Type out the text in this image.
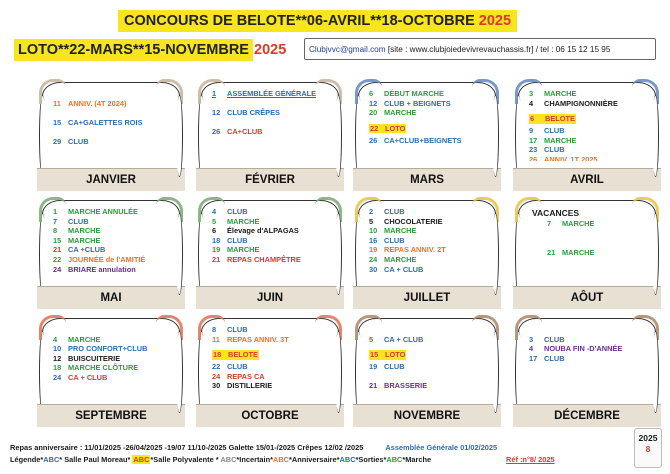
CONCOURS DE BELOTE**06-AVRIL**18-OCTOBRE 2025
LOTO**22-MARS**15-NOVEMBRE 2025	Clubjvvc@gmail.com [site : www.clubjoiedevivrevauchassis.fr] / tel : 06 15 12 15 95

11 ANNIV. (4T 2024)

15 CA+GALETTES ROIS

29 CLUB
JANVIER
1 ASSEMBLÉE GÉNÉRALE

12 CLUB CRÊPES

26 CA+CLUB
FÉVRIER
6 DÉBUT MARCHE
12 CLUB + BEIGNETS
20 MARCHE
22 LOTO
26 CA+CLUB+BEIGNETS
MARS
3 MARCHE
4 CHAMPIGNONNIÈRE
6 BELOTE
9 CLUB
17 MARCHE
23 CLUB
26 ANNIV. 1T 2025
AVRIL
1 MARCHE ANNULÉE
7 CLUB
8 MARCHE
15 MARCHE
21 CA +CLUB
22 JOURNÉE de l'AMITIÉ
24 BRIARE annulation
MAI
4 CLUB
5 MARCHE
6 Élevage d'ALPAGAS
18 CLUB
19 MARCHE
21 REPAS CHAMPÊTRE
JUIN
2 CLUB
5 CHOCOLATERIE
10 MARCHE
16 CLUB
19 REPAS ANNIV. 2T
24 MARCHE
30 CA + CLUB
JUILLET
VACANCES
7 MARCHE

21 MARCHE
AÔUT

4 MARCHE
10 PRO CONFORT+CLUB
12 BUISCUITERIE
18 MARCHE CLÔTURE
24 CA + CLUB
SEPTEMBRE
8 CLUB
11 REPAS ANNIV. 3T
18 BELOTE
22 CLUB
24 REPAS CA
30 DISTILLERIE
OCTOBRE

5 CA + CLUB
15 LOTO
19 CLUB

21 BRASSERIE
NOVEMBRE

3 CLUB
4 NOUBA FIN -D'ANNÉE
17 CLUB
DÉCEMBRE
Repas anniversaire : 11/01/2025 -26/04/2025 -19/07 11/10-/2025 Galette 15/01-/2025 Crêpes 12/02 /2025	Assemblée Générale 01/02/2025
Légende*ABC* Salle Paul Moreau* ABC*Salle Polyvalente * ABC*Incertain*ABC*Anniversaire*ABC*Sorties*ABC*Marche	Réf :n°8/ 2025
2025
8
